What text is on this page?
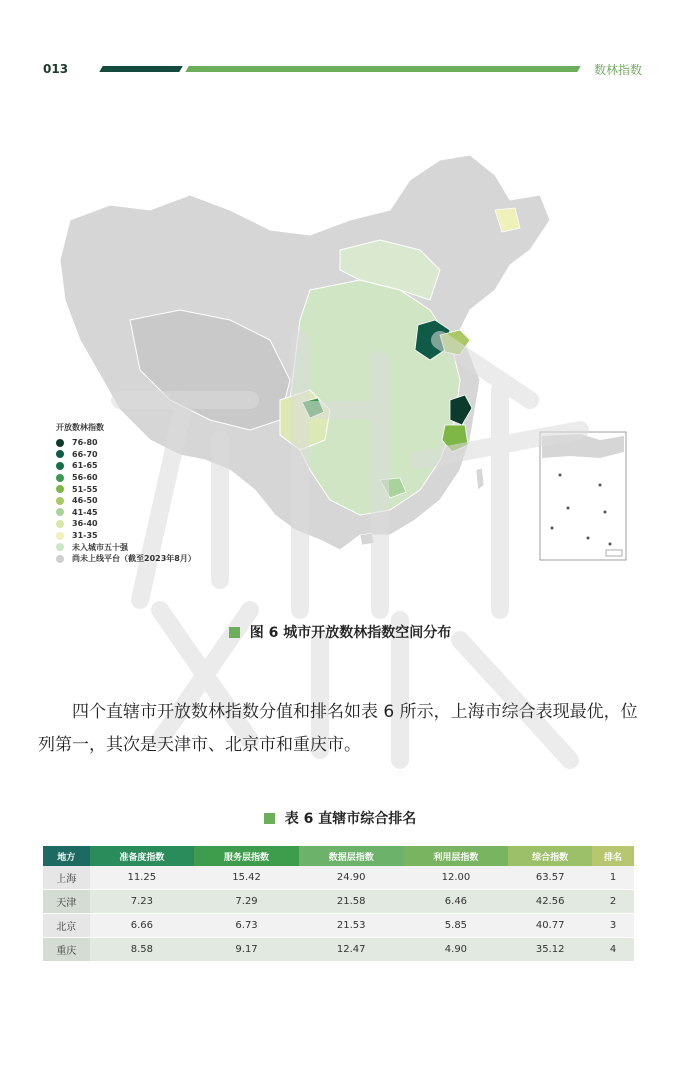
013	数林指数
开放数林指数
76-80
66-70
61-65
56-60
51-55
46-50
41-45
36-40
31-35
未入城市五十强
尚未上线平台（截至2023年8月）
图 6 城市开放数林指数空间分布
四个直辖市开放数林指数分值和排名如表 6 所示，上海市综合表现最优，位列第一，其次是天津市、北京市和重庆市。
表 6 直辖市综合排名
地方	准备度指数	服务层指数	数据层指数	利用层指数	综合指数	排名
上海	11.25	15.42	24.90	12.00	63.57	1
天津	7.23	7.29	21.58	6.46	42.56	2
北京	6.66	6.73	21.53	5.85	40.77	3
重庆	8.58	9.17	12.47	4.90	35.12	4
